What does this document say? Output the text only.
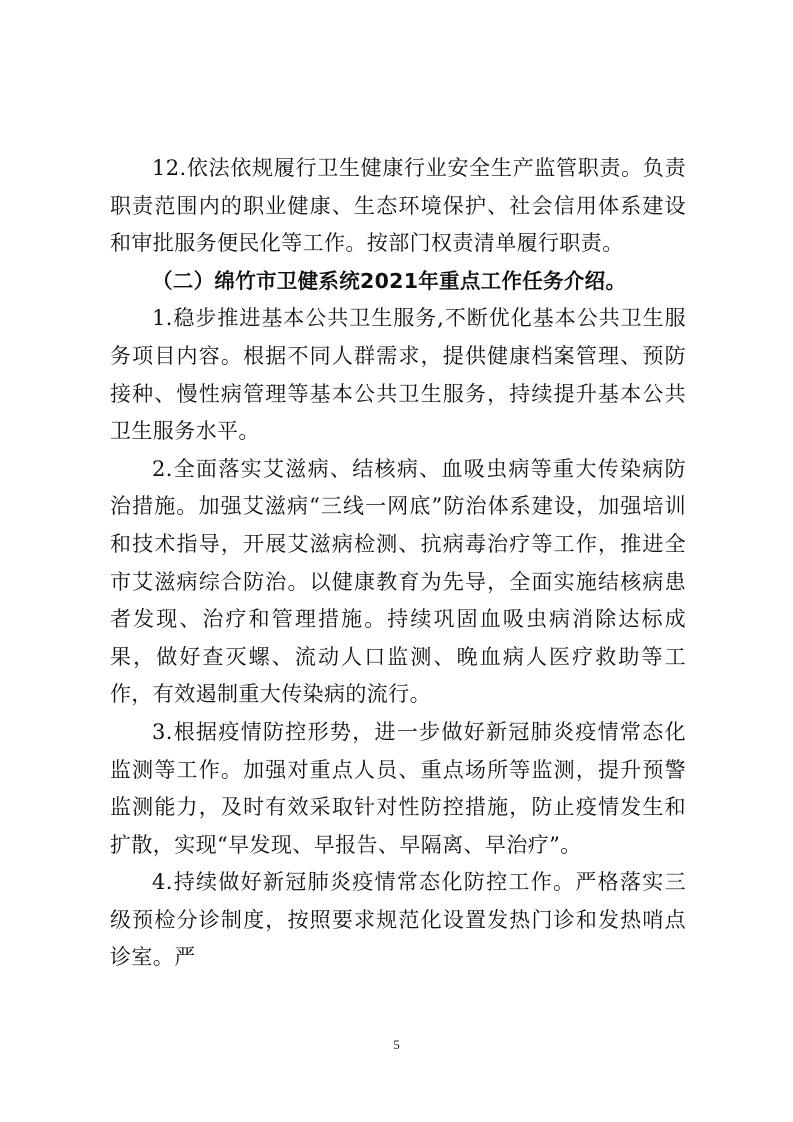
12.依法依规履行卫生健康行业安全生产监管职责。负责职责范围内的职业健康、生态环境保护、社会信用体系建设和审批服务便民化等工作。按部门权责清单履行职责。

（二）绵竹市卫健系统2021年重点工作任务介绍。

1.稳步推进基本公共卫生服务,不断优化基本公共卫生服务项目内容。根据不同人群需求，提供健康档案管理、预防接种、慢性病管理等基本公共卫生服务，持续提升基本公共卫生服务水平。

2.全面落实艾滋病、结核病、血吸虫病等重大传染病防治措施。加强艾滋病“三线一网底”防治体系建设，加强培训和技术指导，开展艾滋病检测、抗病毒治疗等工作，推进全市艾滋病综合防治。以健康教育为先导，全面实施结核病患者发现、治疗和管理措施。持续巩固血吸虫病消除达标成果，做好查灭螺、流动人口监测、晚血病人医疗救助等工作，有效遏制重大传染病的流行。

3.根据疫情防控形势，进一步做好新冠肺炎疫情常态化监测等工作。加强对重点人员、重点场所等监测，提升预警监测能力，及时有效采取针对性防控措施，防止疫情发生和扩散，实现“早发现、早报告、早隔离、早治疗”。

4.持续做好新冠肺炎疫情常态化防控工作。严格落实三级预检分诊制度，按照要求规范化设置发热门诊和发热哨点诊室。严

5
